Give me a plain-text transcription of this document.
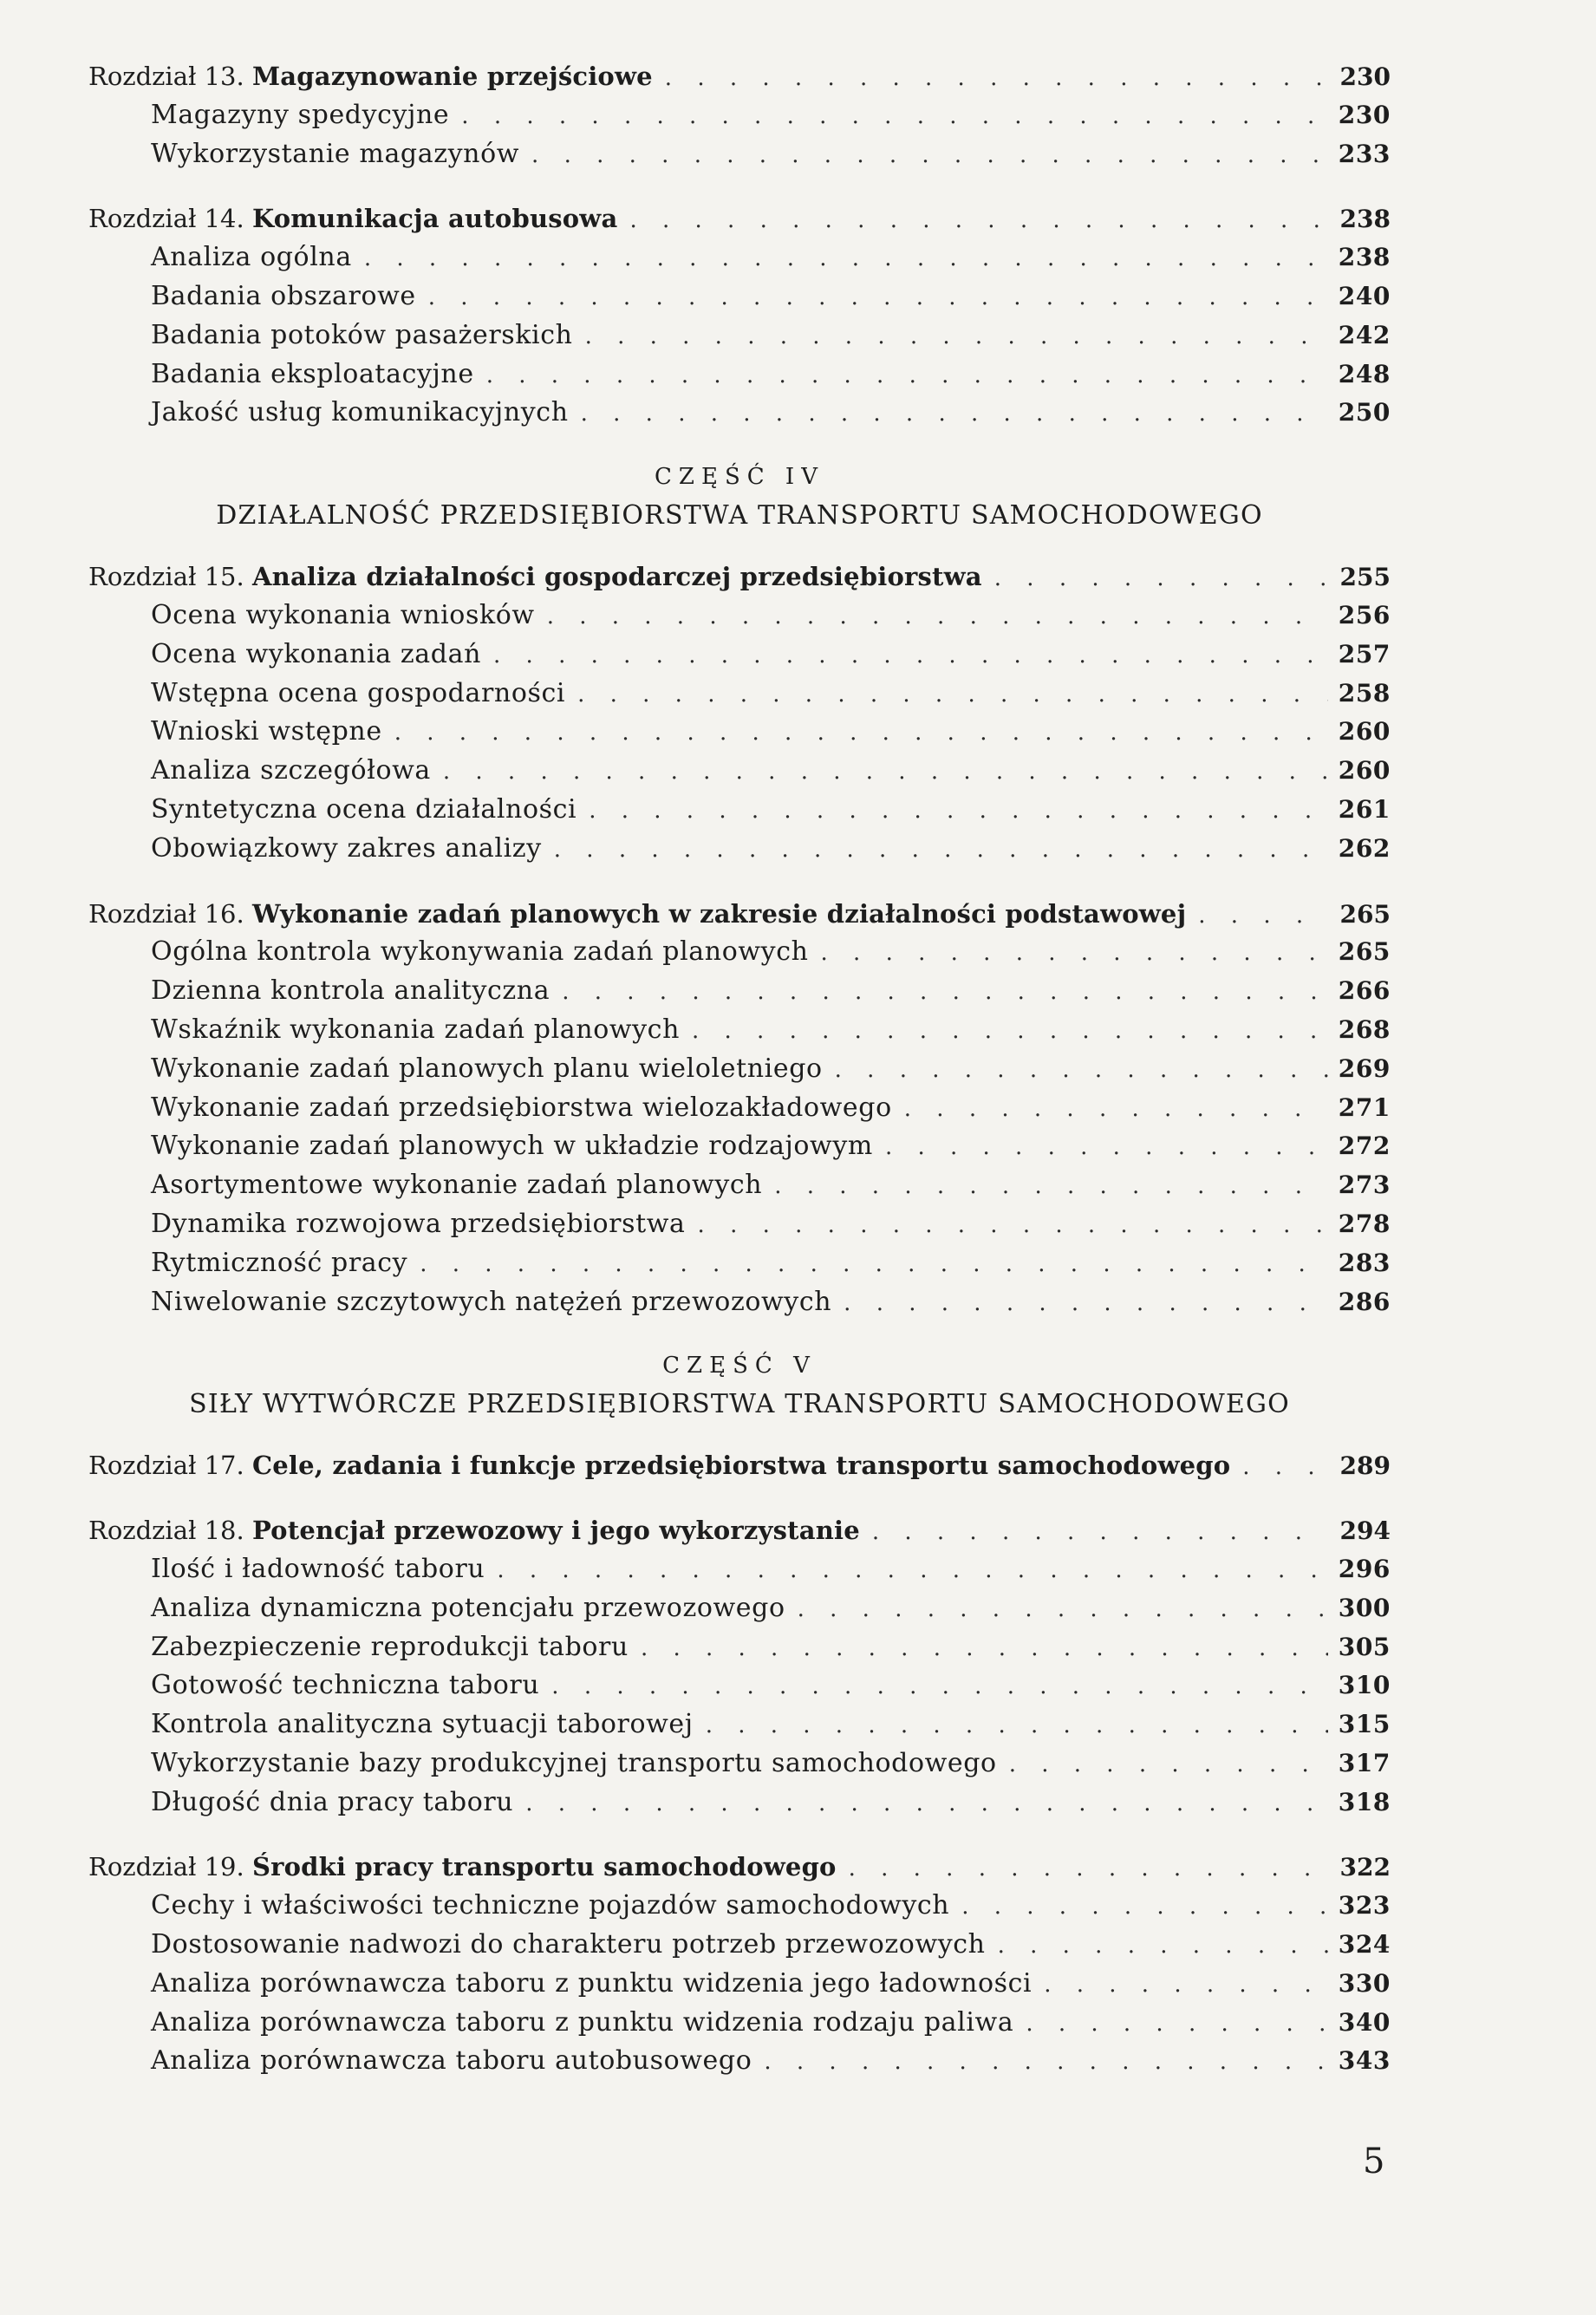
Rozdział 13. Magazynowanie przejściowe . . .	230
Magazyny spedycyjne . . .	230
Wykorzystanie magazynów . . .	233
Rozdział 14. Komunikacja autobusowa . . .	238
Analiza ogólna . . .	238
Badania obszarowe . . .	240
Badania potoków pasażerskich . . .	242
Badania eksploatacyjne . . .	248
Jakość usług komunikacyjnych . . .	250
CZĘŚĆ IV
DZIAŁALNOŚĆ PRZEDSIĘBIORSTWA TRANSPORTU SAMOCHODOWEGO
Rozdział 15. Analiza działalności gospodarczej przedsiębiorstwa . . .	255
Ocena wykonania wniosków . . .	256
Ocena wykonania zadań . . .	257
Wstępna ocena gospodarności . . .	258
Wnioski wstępne . . .	260
Analiza szczegółowa . . .	260
Syntetyczna ocena działalności . . .	261
Obowiązkowy zakres analizy . . .	262
Rozdział 16. Wykonanie zadań planowych w zakresie działalności podstawowej . . .	265
Ogólna kontrola wykonywania zadań planowych . . .	265
Dzienna kontrola analityczna . . .	266
Wskaźnik wykonania zadań planowych . . .	268
Wykonanie zadań planowych planu wieloletniego . . .	269
Wykonanie zadań przedsiębiorstwa wielozakładowego . . .	271
Wykonanie zadań planowych w układzie rodzajowym . . .	272
Asortymentowe wykonanie zadań planowych . . .	273
Dynamika rozwojowa przedsiębiorstwa . . .	278
Rytmiczność pracy . . .	283
Niwelowanie szczytowych natężeń przewozowych . . .	286
CZĘŚĆ V
SIŁY WYTWÓRCZE PRZEDSIĘBIORSTWA TRANSPORTU SAMOCHODOWEGO
Rozdział 17. Cele, zadania i funkcje przedsiębiorstwa transportu samochodowego . . .	289
Rozdział 18. Potencjał przewozowy i jego wykorzystanie . . .	294
Ilość i ładowność taboru . . .	296
Analiza dynamiczna potencjału przewozowego . . .	300
Zabezpieczenie reprodukcji taboru . . .	305
Gotowość techniczna taboru . . .	310
Kontrola analityczna sytuacji taborowej . . .	315
Wykorzystanie bazy produkcyjnej transportu samochodowego . . .	317
Długość dnia pracy taboru . . .	318
Rozdział 19. Środki pracy transportu samochodowego . . .	322
Cechy i właściwości techniczne pojazdów samochodowych . . .	323
Dostosowanie nadwozi do charakteru potrzeb przewozowych . . .	324
Analiza porównawcza taboru z punktu widzenia jego ładowności . . .	330
Analiza porównawcza taboru z punktu widzenia rodzaju paliwa . . .	340
Analiza porównawcza taboru autobusowego . . .	343
5
